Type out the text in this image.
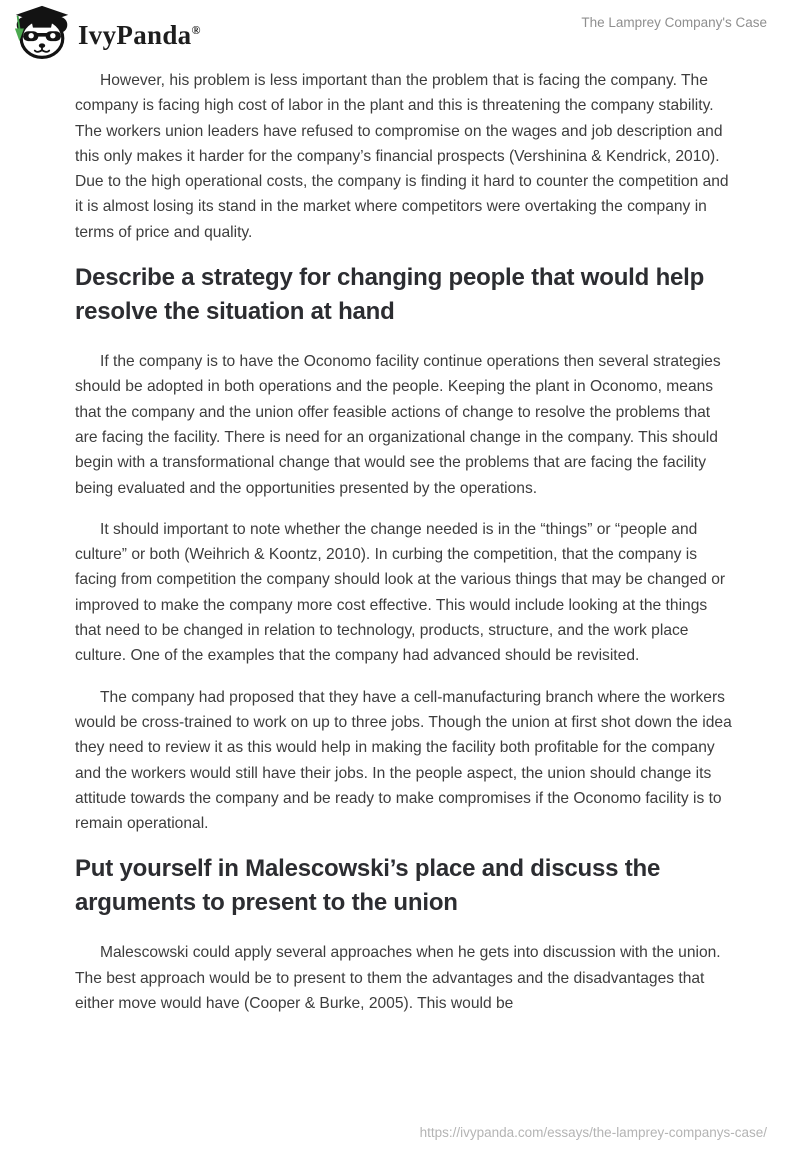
IvyPanda®	The Lamprey Company's Case

However, his problem is less important than the problem that is facing the company. The company is facing high cost of labor in the plant and this is threatening the company stability. The workers union leaders have refused to compromise on the wages and job description and this only makes it harder for the company’s financial prospects (Vershinina & Kendrick, 2010). Due to the high operational costs, the company is finding it hard to counter the competition and it is almost losing its stand in the market where competitors were overtaking the company in terms of price and quality.

Describe a strategy for changing people that would help resolve the situation at hand

If the company is to have the Oconomo facility continue operations then several strategies should be adopted in both operations and the people. Keeping the plant in Oconomo, means that the company and the union offer feasible actions of change to resolve the problems that are facing the facility. There is need for an organizational change in the company. This should begin with a transformational change that would see the problems that are facing the facility being evaluated and the opportunities presented by the operations.

It should important to note whether the change needed is in the “things” or “people and culture” or both (Weihrich & Koontz, 2010). In curbing the competition, that the company is facing from competition the company should look at the various things that may be changed or improved to make the company more cost effective. This would include looking at the things that need to be changed in relation to technology, products, structure, and the work place culture. One of the examples that the company had advanced should be revisited.

The company had proposed that they have a cell-manufacturing branch where the workers would be cross-trained to work on up to three jobs. Though the union at first shot down the idea they need to review it as this would help in making the facility both profitable for the company and the workers would still have their jobs. In the people aspect, the union should change its attitude towards the company and be ready to make compromises if the Oconomo facility is to remain operational.

Put yourself in Malescowski’s place and discuss the arguments to present to the union

Malescowski could apply several approaches when he gets into discussion with the union. The best approach would be to present to them the advantages and the disadvantages that either move would have (Cooper & Burke, 2005). This would be

https://ivypanda.com/essays/the-lamprey-companys-case/
